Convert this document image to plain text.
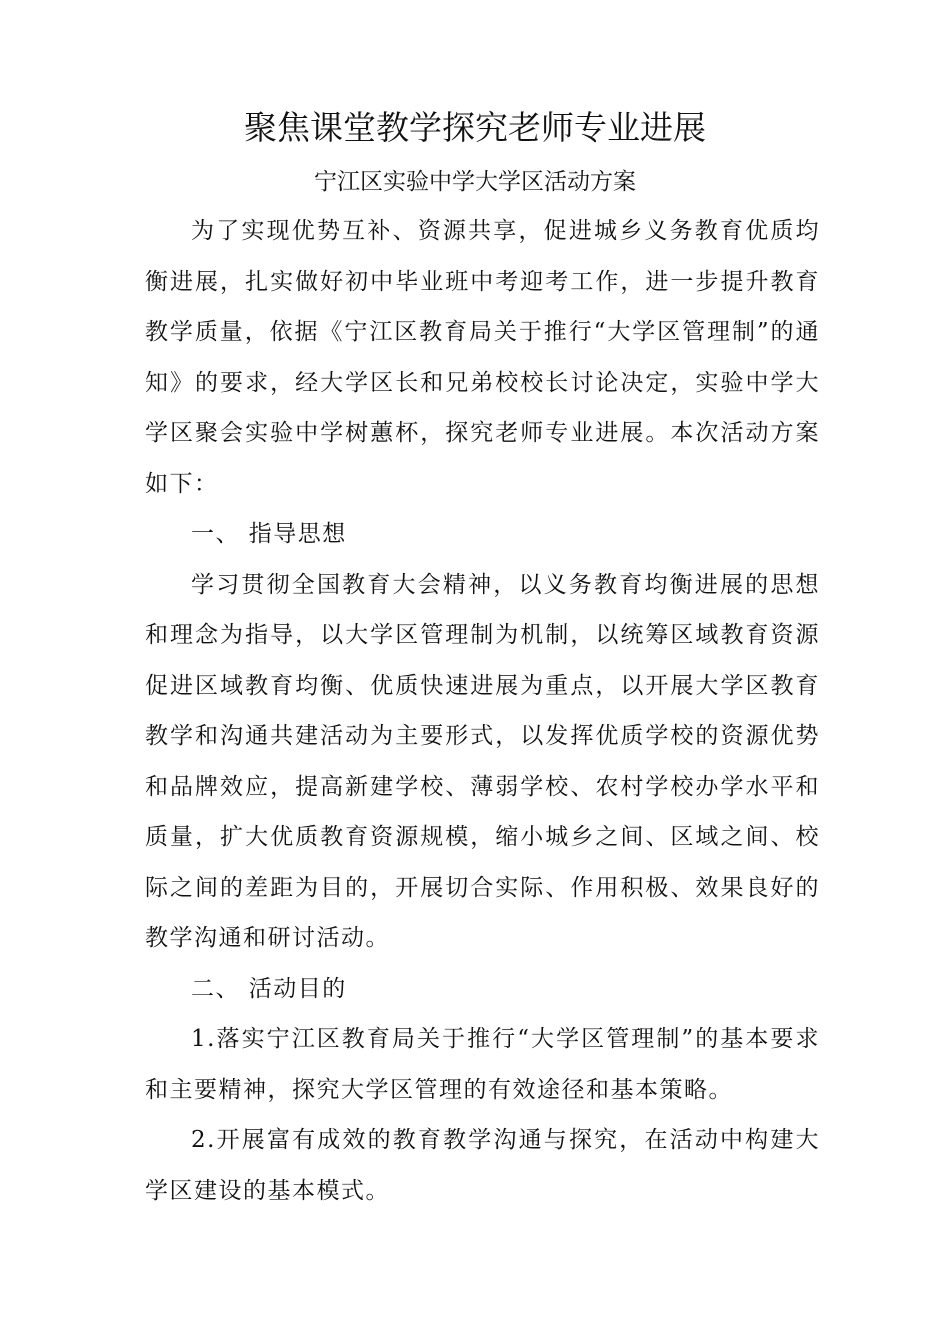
聚焦课堂教学探究老师专业进展
宁江区实验中学大学区活动方案

为了实现优势互补、资源共享，促进城乡义务教育优质均衡进展，扎实做好初中毕业班中考迎考工作，进一步提升教育教学质量，依据《宁江区教育局关于推行“大学区管理制”的通知》的要求，经大学区长和兄弟校校长讨论决定，实验中学大学区聚会实验中学树蕙杯，探究老师专业进展。本次活动方案如下：

一、 指导思想

学习贯彻全国教育大会精神，以义务教育均衡进展的思想和理念为指导，以大学区管理制为机制，以统筹区域教育资源促进区域教育均衡、优质快速进展为重点，以开展大学区教育教学和沟通共建活动为主要形式，以发挥优质学校的资源优势和品牌效应，提高新建学校、薄弱学校、农村学校办学水平和质量，扩大优质教育资源规模，缩小城乡之间、区域之间、校际之间的差距为目的，开展切合实际、作用积极、效果良好的教学沟通和研讨活动。

二、 活动目的

1.落实宁江区教育局关于推行“大学区管理制”的基本要求和主要精神，探究大学区管理的有效途径和基本策略。

2.开展富有成效的教育教学沟通与探究，在活动中构建大学区建设的基本模式。
